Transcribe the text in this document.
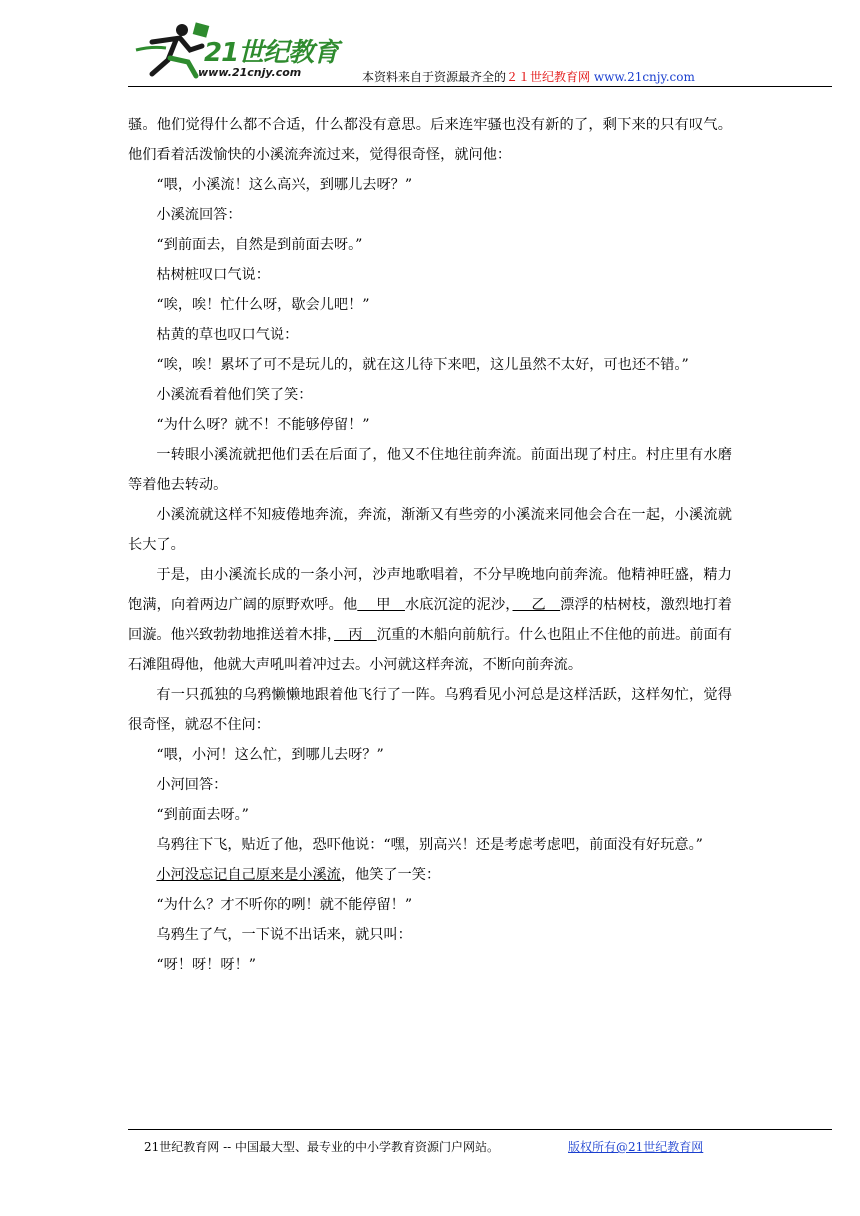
21世纪教育
www.21cnjy.com	本资料来自于资源最齐全的２１世纪教育网 www.21cnjy.com

骚。他们觉得什么都不合适，什么都没有意思。后来连牢骚也没有新的了，剩下来的只有叹气。他们看着活泼愉快的小溪流奔流过来，觉得很奇怪，就问他：

“喂，小溪流！这么高兴，到哪儿去呀？”

小溪流回答：

“到前面去，自然是到前面去呀。”

枯树桩叹口气说：

“唉，唉！忙什么呀，歇会儿吧！”

枯黄的草也叹口气说：

“唉，唉！累坏了可不是玩儿的，就在这儿待下来吧，这儿虽然不太好，可也还不错。”

小溪流看着他们笑了笑：

“为什么呀？就不！不能够停留！”

一转眼小溪流就把他们丢在后面了，他又不住地往前奔流。前面出现了村庄。村庄里有水磨等着他去转动。

小溪流就这样不知疲倦地奔流，奔流，渐渐又有些旁的小溪流来同他会合在一起，小溪流就长大了。

于是，由小溪流长成的一条小河，沙声地歌唱着，不分早晚地向前奔流。他精神旺盛，精力饱满，向着两边广阔的原野欢呼。他　 甲　水底沉淀的泥沙，　 乙　漂浮的枯树枝，激烈地打着回漩。他兴致勃勃地推送着木排，　丙　沉重的木船向前航行。什么也阻止不住他的前进。前面有石滩阻碍他，他就大声吼叫着冲过去。小河就这样奔流，不断向前奔流。

有一只孤独的乌鸦懒懒地跟着他飞行了一阵。乌鸦看见小河总是这样活跃，这样匆忙，觉得很奇怪，就忍不住问：

“喂，小河！这么忙，到哪儿去呀？”

小河回答：

“到前面去呀。”

乌鸦往下飞，贴近了他，恐吓他说：“嘿，别高兴！还是考虑考虑吧，前面没有好玩意。”

小河没忘记自己原来是小溪流，他笑了一笑：

“为什么？才不听你的咧！就不能停留！”

乌鸦生了气，一下说不出话来，就只叫：

“呀！呀！呀！”

21世纪教育网 -- 中国最大型、最专业的中小学教育资源门户网站。	版权所有@21世纪教育网
